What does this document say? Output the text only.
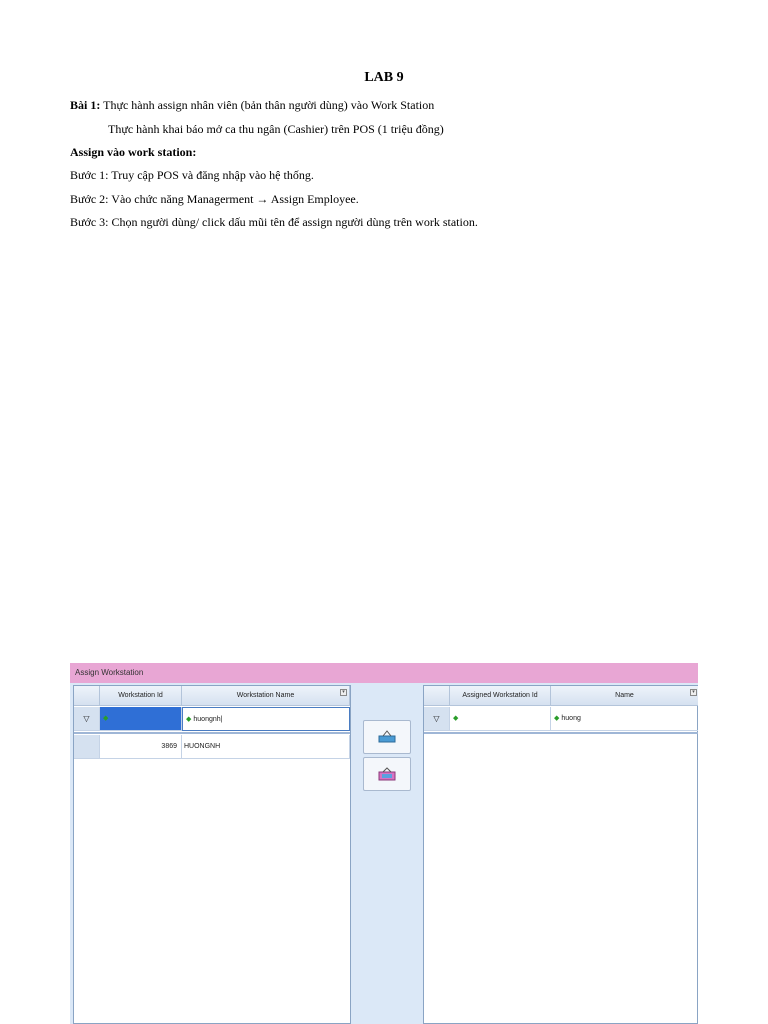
LAB 9
Bài 1: Thực hành assign nhân viên (bản thân người dùng) vào Work Station
Thực hành khai báo mở ca thu ngân (Cashier) trên POS (1 triệu đồng)
Assign vào work station:
Bước 1: Truy cập POS và đăng nhập vào hệ thống.
Bước 2: Vào chức năng Managerment → Assign Employee.
Bước 3: Chọn người dùng/ click dấu mũi tên để assign người dùng trên work station.
Assign Workstation
Workstation Id	Workstation Name	▾
▽	◆	◆ huongnh|
3869	HUONGNH
Assigned Workstation Id	Name	▾
▽	◆	◆ huong
